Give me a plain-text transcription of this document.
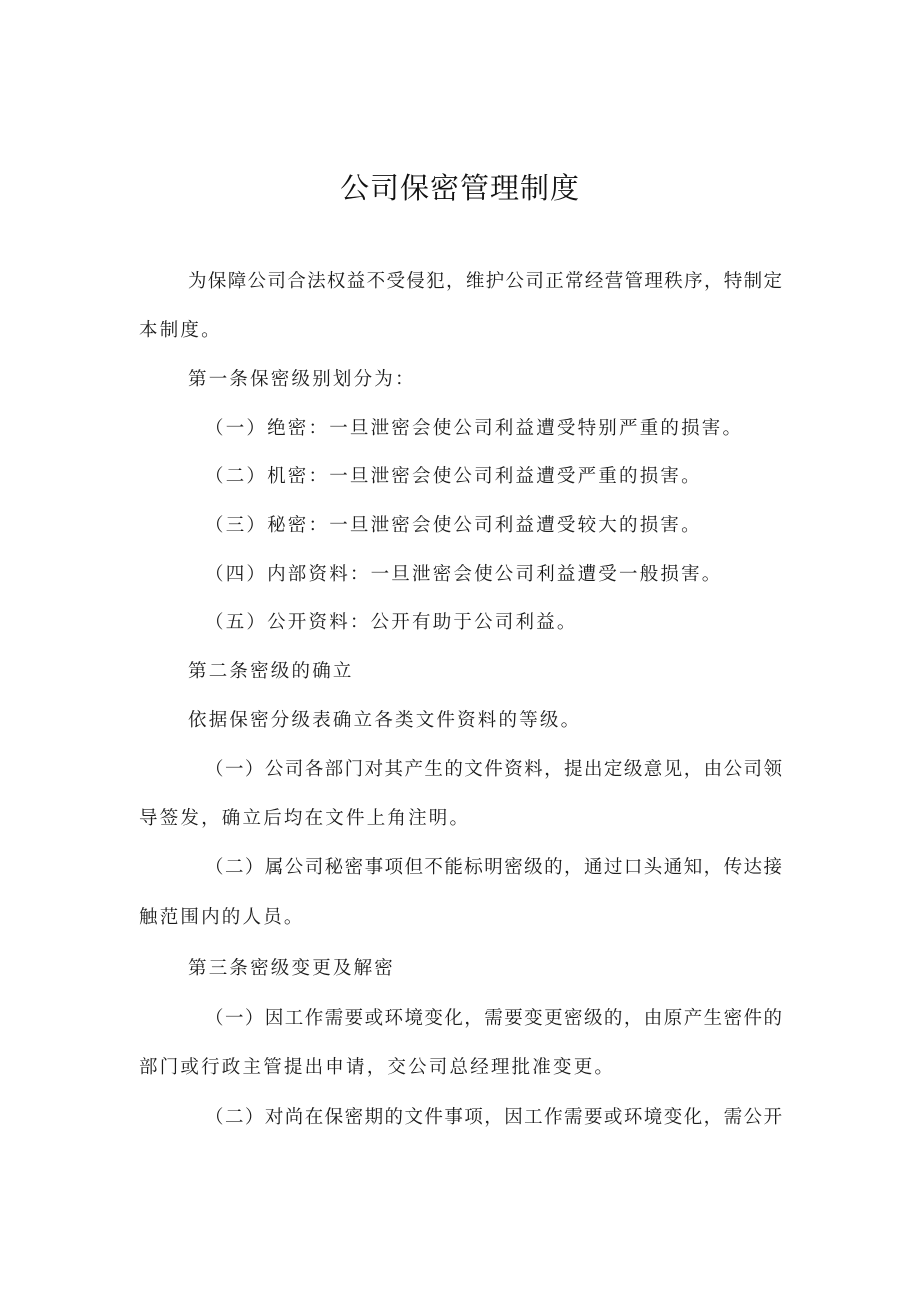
公司保密管理制度

为保障公司合法权益不受侵犯，维护公司正常经营管理秩序，特制定

本制度。

第一条保密级别划分为：

（一）绝密：一旦泄密会使公司利益遭受特别严重的损害。

（二）机密：一旦泄密会使公司利益遭受严重的损害。

（三）秘密：一旦泄密会使公司利益遭受较大的损害。

（四）内部资料：一旦泄密会使公司利益遭受一般损害。

（五）公开资料：公开有助于公司利益。

第二条密级的确立

依据保密分级表确立各类文件资料的等级。

（一）公司各部门对其产生的文件资料，提出定级意见，由公司领

导签发，确立后均在文件上角注明。

（二）属公司秘密事项但不能标明密级的，通过口头通知，传达接

触范围内的人员。

第三条密级变更及解密

（一）因工作需要或环境变化，需要变更密级的，由原产生密件的

部门或行政主管提出申请，交公司总经理批准变更。

（二）对尚在保密期的文件事项，因工作需要或环境变化，需公开
